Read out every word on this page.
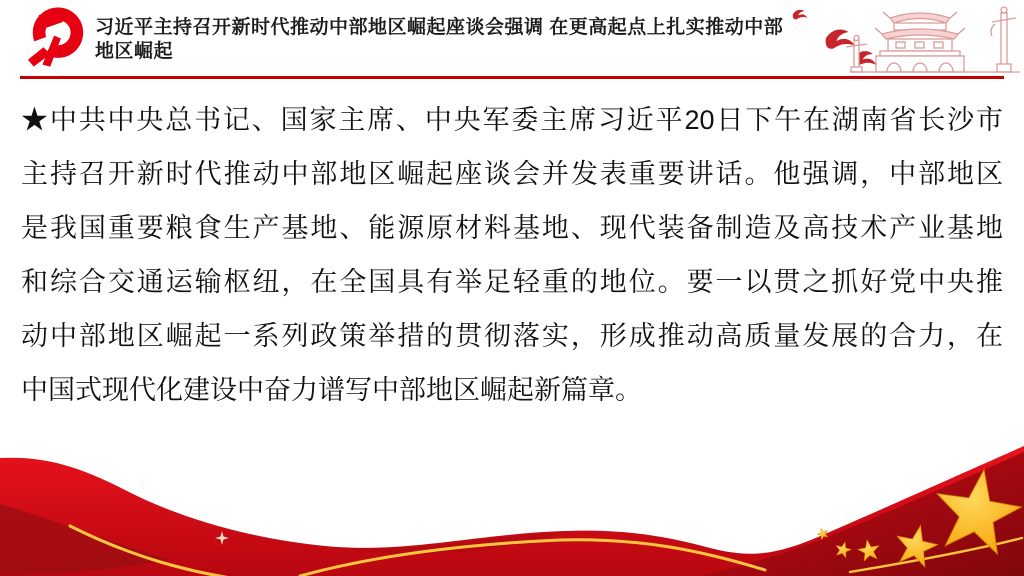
习近平主持召开新时代推动中部地区崛起座谈会强调 在更高起点上扎实推动中部
地区崛起
★中共中央总书记、国家主席、中央军委主席习近平20日下午在湖南省长沙市
主持召开新时代推动中部地区崛起座谈会并发表重要讲话。他强调，中部地区
是我国重要粮食生产基地、能源原材料基地、现代装备制造及高技术产业基地
和综合交通运输枢纽，在全国具有举足轻重的地位。要一以贯之抓好党中央推
动中部地区崛起一系列政策举措的贯彻落实，形成推动高质量发展的合力，在
中国式现代化建设中奋力谱写中部地区崛起新篇章。
